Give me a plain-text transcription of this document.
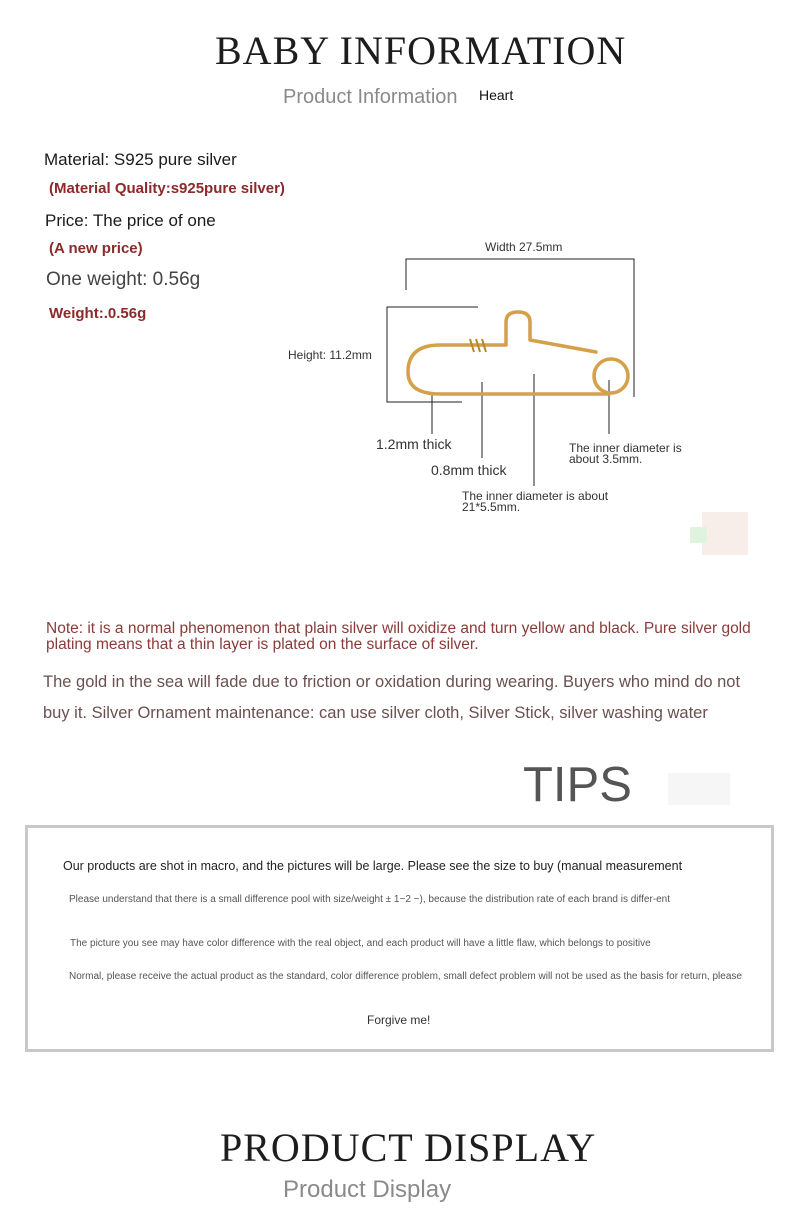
BABY INFORMATION
Product Information Heart
Material: S925 pure silver
(Material Quality:s925pure silver)
Price: The price of one
(A new price)
One weight: 0.56g
Weight:.0.56g
Width 27.5mm
Height: 11.2mm
1.2mm thick
0.8mm thick
The inner diameter is about 3.5mm.
The inner diameter is about 21*5.5mm.
Note: it is a normal phenomenon that plain silver will oxidize and turn yellow and black. Pure silver gold plating means that a thin layer is plated on the surface of silver.
The gold in the sea will fade due to friction or oxidation during wearing. Buyers who mind do not buy it. Silver Ornament maintenance: can use silver cloth, Silver Stick, silver washing water
TIPS
Our products are shot in macro, and the pictures will be large. Please see the size to buy (manual measurement
Please understand that there is a small difference pool with size/weight ± 1~2 ~), because the distribution rate of each brand is differ-ent
The picture you see may have color difference with the real object, and each product will have a little flaw, which belongs to positive
Normal, please receive the actual product as the standard, color difference problem, small defect problem will not be used as the basis for return, please
Forgive me!
PRODUCT DISPLAY
Product Display
